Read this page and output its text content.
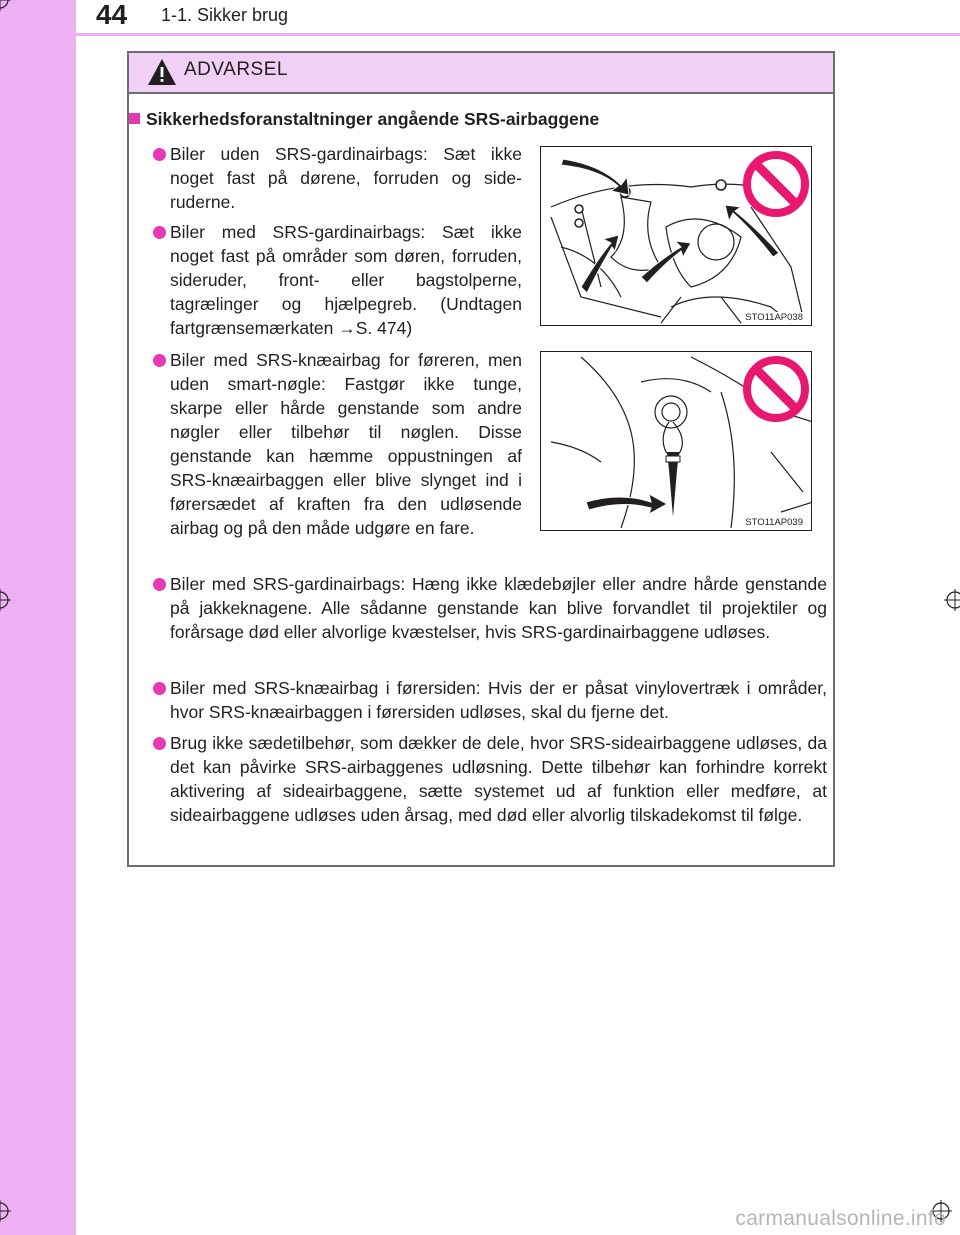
44 1-1. Sikker brug
ADVARSEL
Sikkerhedsforanstaltninger angående SRS-airbaggene
Biler uden SRS-gardinairbags: Sæt ikke noget fast på dørene, forruden og sideruderne.
Biler med SRS-gardinairbags: Sæt ikke noget fast på områder som døren, forruden, sideruder, front- eller bagstolperne, tagrælinger og hjælpegreb. (Undtagen fartgrænsemærkaten →S. 474)
Biler med SRS-knæairbag for føreren, men uden smart-nøgle: Fastgør ikke tunge, skarpe eller hårde genstande som andre nøgler eller tilbehør til nøglen. Disse genstande kan hæmme oppustningen af SRS-knæairbaggen eller blive slynget ind i førersædet af kraften fra den udløsende airbag og på den måde udgøre en fare.
STO11AP038
STO11AP039
Biler med SRS-gardinairbags: Hæng ikke klædebøjler eller andre hårde genstande på jakkeknagene. Alle sådanne genstande kan blive forvandlet til projektiler og forårsage død eller alvorlige kvæstelser, hvis SRS-gardinairbaggene udløses.
Biler med SRS-knæairbag i førersiden: Hvis der er påsat vinylovertræk i områder, hvor SRS-knæairbaggen i førersiden udløses, skal du fjerne det.
Brug ikke sædetilbehør, som dækker de dele, hvor SRS-sideairbaggene udløses, da det kan påvirke SRS-airbaggenes udløsning. Dette tilbehør kan forhindre korrekt aktivering af sideairbaggene, sætte systemet ud af funktion eller medføre, at sideairbaggene udløses uden årsag, med død eller alvorlig tilskadekomst til følge.
carmanualsonline.info
